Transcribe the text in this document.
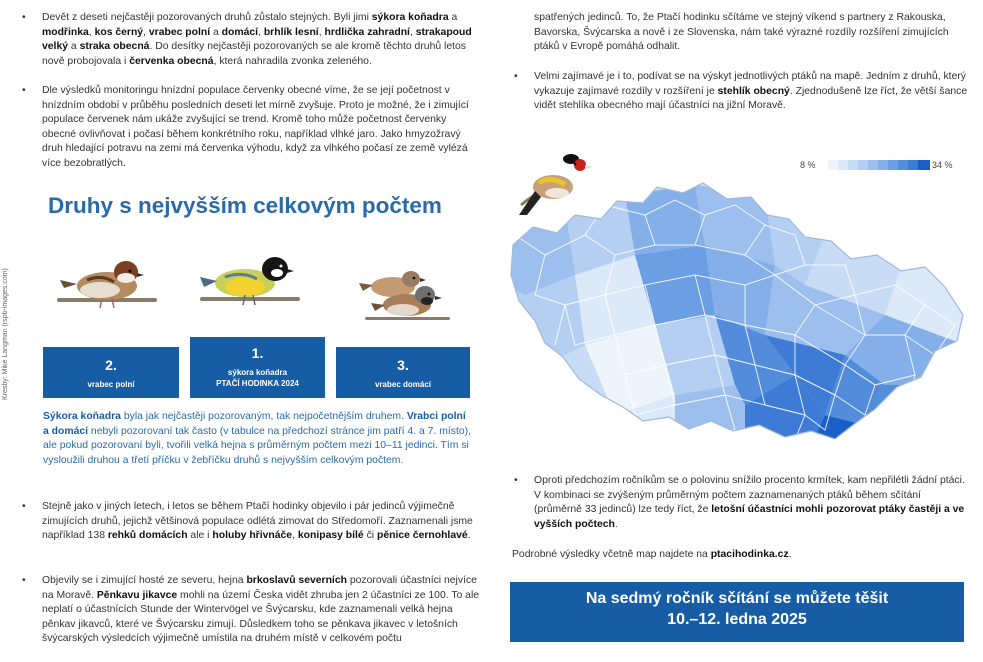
• Devět z deseti nejčastěji pozorovaných druhů zůstalo stejných. Byli jimi sýkora koňadra a modřinka, kos černý, vrabec polní a domácí, brhlík lesní, hrdlička zahradní, strakapoud velký a straka obecná. Do desítky nejčastěji pozorovaných se ale kromě těchto druhů letos nově probojovala i červenka obecná, která nahradila zvonka zeleného.
• Dle výsledků monitoringu hnízdní populace červenky obecné víme, že se její početnost v hnízdním období v průběhu posledních deseti let mírně zvyšuje. Proto je možné, že i zimující populace červenek nám ukáže zvyšující se trend. Kromě toho může početnost červenky obecné ovlivňovat i počasí během konkrétního roku, například vlhké jaro. Jako hmyzožravý druh hledající potravu na zemi má červenka výhodu, když za vlhkého počasí ze země vylézá více bezobratlých.
Kresby: Mike Langman (rspb-images.com)
Druhy s nejvyšším celkovým počtem
2.
vrabec polní
1.
sýkora koňadra
PTAČÍ HODINKA 2024
3.
vrabec domácí
Sýkora koňadra byla jak nejčastěji pozorovaným, tak nejpočetnějším druhem. Vrabci polní a domácí nebyli pozorovaní tak často (v tabulce na předchozí stránce jim patří 4. a 7. místo), ale pokud pozorovaní byli, tvořili velká hejna s průměrným počtem mezi 10–11 jedinci. Tím si vysloužili druhou a třetí příčku v žebříčku druhů s nejvyšším celkovým počtem.
• Stejně jako v jiných letech, i letos se během Ptačí hodinky objevilo i pár jedinců výjimečně zimujících druhů, jejichž většinová populace odlétá zimovat do Středomoří. Zaznamenali jsme například 138 rehků domácích ale i holuby hřivnáče, konipasy bílé či pěnice černohlavé.
• Objevily se i zimující hosté ze severu, hejna brkoslavů severních pozorovali účastníci nejvíce na Moravě. Pěnkavu jikavce mohli na území Česka vidět zhruba jen 2 účastníci ze 100. To ale neplatí o účastnících Stunde der Wintervögel ve Švýcarsku, kde zaznamenali velká hejna pěnkav jikavců, které ve Švýcarsku zimují. Důsledkem toho se pěnkava jikavec v letošních švýcarských výsledcích výjimečně umístila na druhém místě v celkovém počtu
spatřených jedinců. To, že Ptačí hodinku sčítáme ve stejný víkend s partnery z Rakouska, Bavorska, Švýcarska a nově i ze Slovenska, nám také výrazné rozdíly rozšíření zimujících ptáků v Evropě pomáhá odhalit.
• Velmi zajímavé je i to, podívat se na výskyt jednotlivých ptáků na mapě. Jedním z druhů, který vykazuje zajímavé rozdíly v rozšíření je stehlík obecný. Zjednodušeně lze říct, že větší šance vidět stehlíka obecného mají účastníci na jižní Moravě.
8 %	34 %
• Oproti předchozím ročníkům se o polovinu snížilo procento krmítek, kam nepřilétli žádní ptáci. V kombinaci se zvýšeným průměrným počtem zaznamenaných ptáků během sčítání (průměrně 33 jedinců) lze tedy říct, že letošní účastníci mohli pozorovat ptáky častěji a ve vyšších počtech.
Podrobné výsledky včetně map najdete na ptacihodinka.cz.
Na sedmý ročník sčítání se můžete těšit
10.–12. ledna 2025
